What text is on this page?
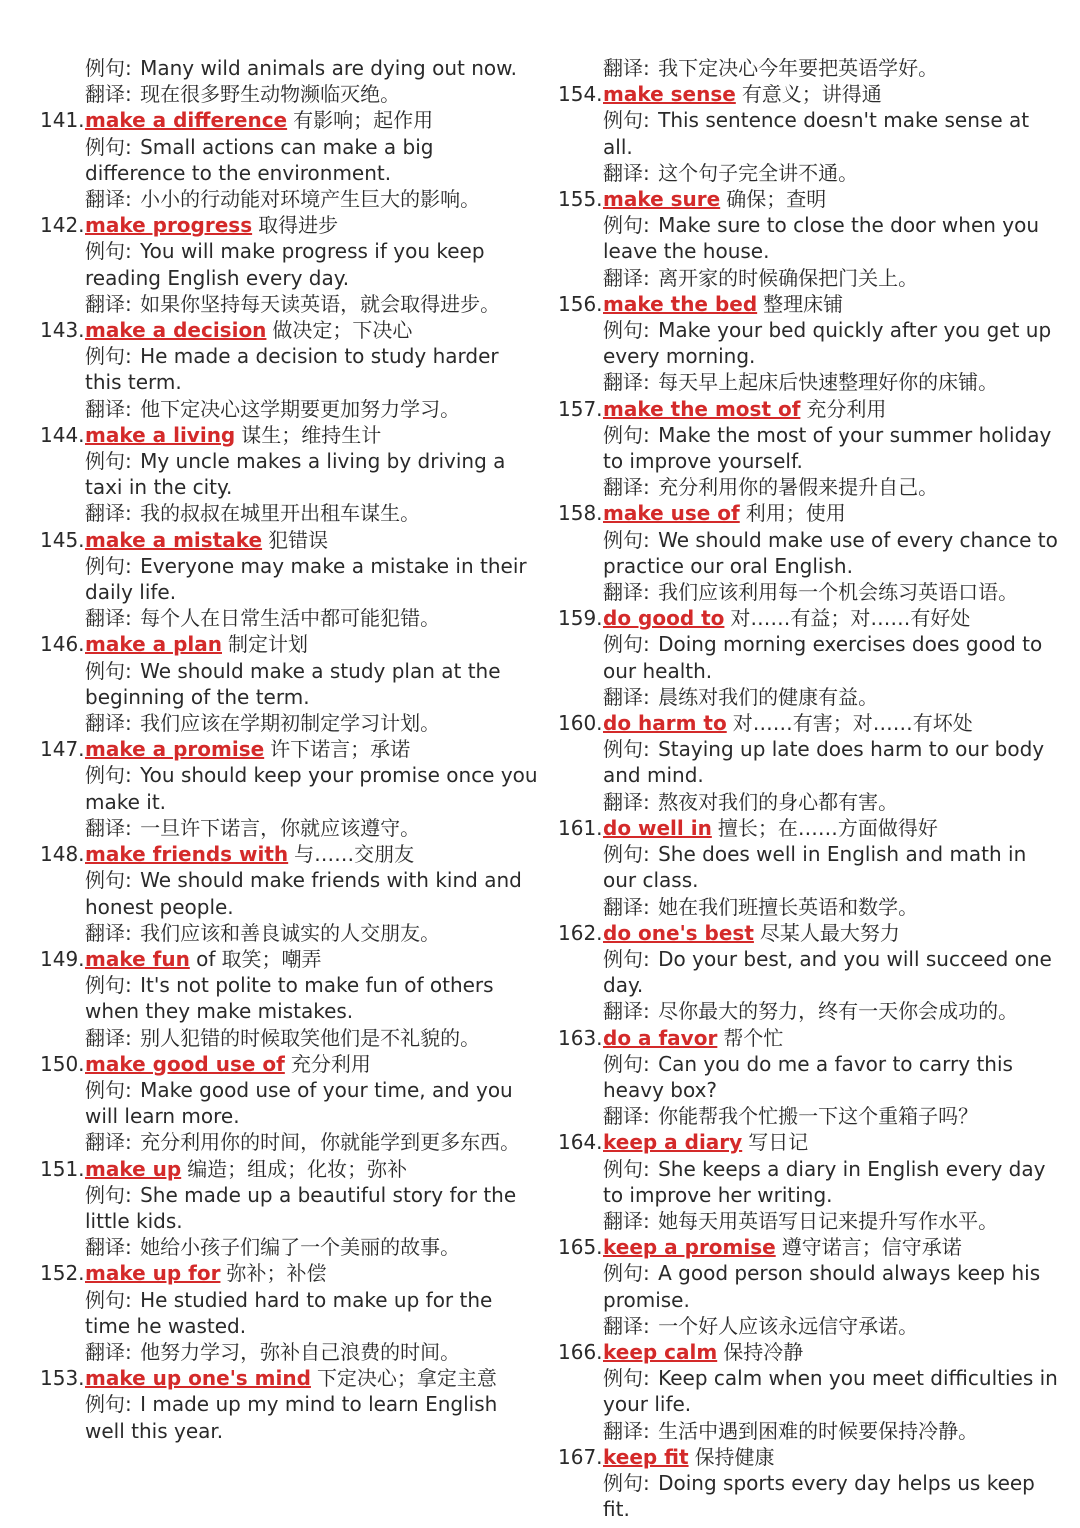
例句: Many wild animals are dying out now.
翻译: 现在很多野生动物濒临灭绝。
141.make a difference 有影响；起作用
例句: Small actions can make a big difference to the environment.
翻译: 小小的行动能对环境产生巨大的影响。
142.make progress 取得进步
例句: You will make progress if you keep reading English every day.
翻译: 如果你坚持每天读英语，就会取得进步。
143.make a decision 做决定；下决心
例句: He made a decision to study harder this term.
翻译: 他下定决心这学期要更加努力学习。
144.make a living 谋生；维持生计
例句: My uncle makes a living by driving a taxi in the city.
翻译: 我的叔叔在城里开出租车谋生。
145.make a mistake 犯错误
例句: Everyone may make a mistake in their daily life.
翻译: 每个人在日常生活中都可能犯错。
146.make a plan 制定计划
例句: We should make a study plan at the beginning of the term.
翻译: 我们应该在学期初制定学习计划。
147.make a promise 许下诺言；承诺
例句: You should keep your promise once you make it.
翻译: 一旦许下诺言，你就应该遵守。
148.make friends with 与……交朋友
例句: We should make friends with kind and honest people.
翻译: 我们应该和善良诚实的人交朋友。
149.make fun of 取笑；嘲弄
例句: It's not polite to make fun of others when they make mistakes.
翻译: 别人犯错的时候取笑他们是不礼貌的。
150.make good use of 充分利用
例句: Make good use of your time, and you will learn more.
翻译: 充分利用你的时间，你就能学到更多东西。
151.make up 编造；组成；化妆；弥补
例句: She made up a beautiful story for the little kids.
翻译: 她给小孩子们编了一个美丽的故事。
152.make up for 弥补；补偿
例句: He studied hard to make up for the time he wasted.
翻译: 他努力学习，弥补自己浪费的时间。
153.make up one's mind 下定决心；拿定主意
例句: I made up my mind to learn English well this year.
翻译: 我下定决心今年要把英语学好。
154.make sense 有意义；讲得通
例句: This sentence doesn't make sense at all.
翻译: 这个句子完全讲不通。
155.make sure 确保；查明
例句: Make sure to close the door when you leave the house.
翻译: 离开家的时候确保把门关上。
156.make the bed 整理床铺
例句: Make your bed quickly after you get up every morning.
翻译: 每天早上起床后快速整理好你的床铺。
157.make the most of 充分利用
例句: Make the most of your summer holiday to improve yourself.
翻译: 充分利用你的暑假来提升自己。
158.make use of 利用；使用
例句: We should make use of every chance to practice our oral English.
翻译: 我们应该利用每一个机会练习英语口语。
159.do good to 对……有益；对……有好处
例句: Doing morning exercises does good to our health.
翻译: 晨练对我们的健康有益。
160.do harm to 对……有害；对……有坏处
例句: Staying up late does harm to our body and mind.
翻译: 熬夜对我们的身心都有害。
161.do well in 擅长；在……方面做得好
例句: She does well in English and math in our class.
翻译: 她在我们班擅长英语和数学。
162.do one's best 尽某人最大努力
例句: Do your best, and you will succeed one day.
翻译: 尽你最大的努力，终有一天你会成功的。
163.do a favor 帮个忙
例句: Can you do me a favor to carry this heavy box?
翻译: 你能帮我个忙搬一下这个重箱子吗？
164.keep a diary 写日记
例句: She keeps a diary in English every day to improve her writing.
翻译: 她每天用英语写日记来提升写作水平。
165.keep a promise 遵守诺言；信守承诺
例句: A good person should always keep his promise.
翻译: 一个好人应该永远信守承诺。
166.keep calm 保持冷静
例句: Keep calm when you meet difficulties in your life.
翻译: 生活中遇到困难的时候要保持冷静。
167.keep fit 保持健康
例句: Doing sports every day helps us keep fit.
